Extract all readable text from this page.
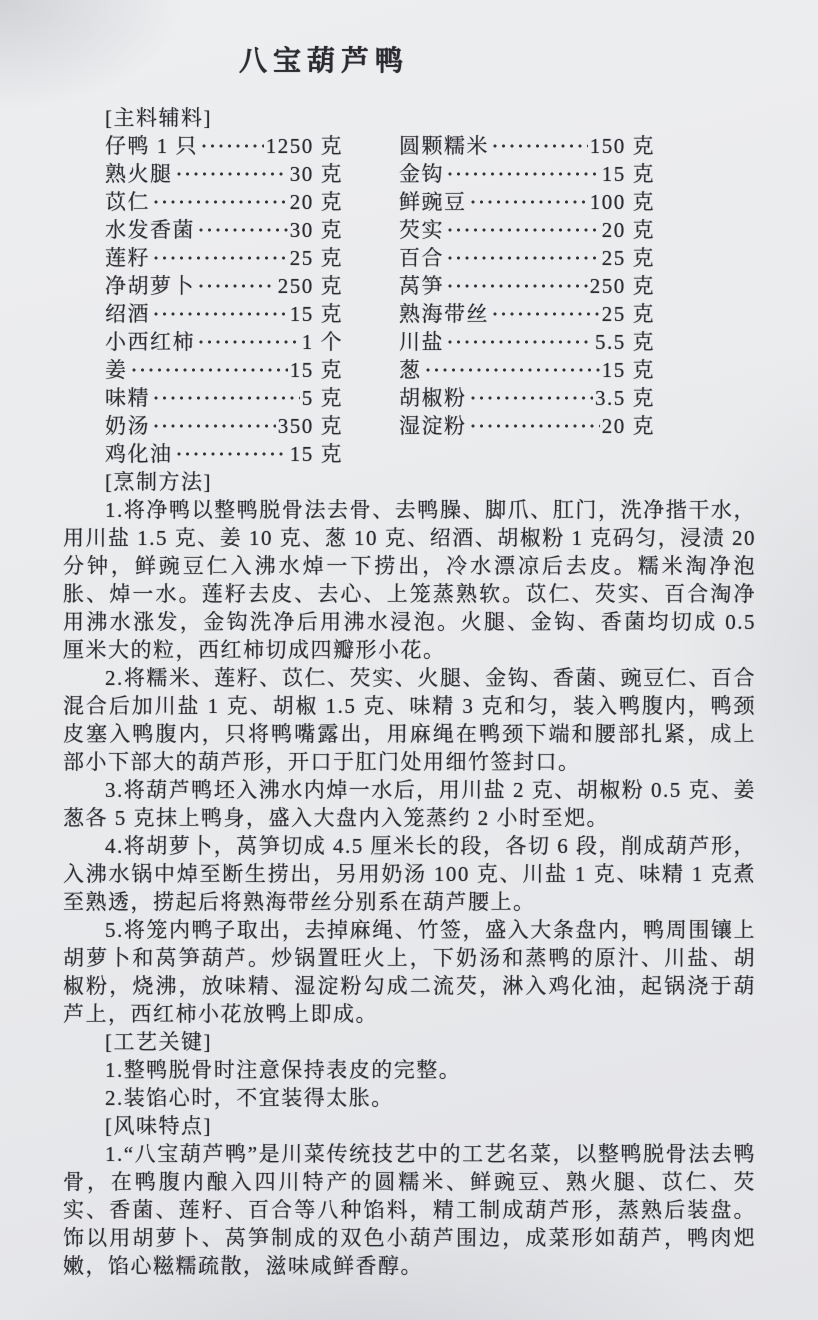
八宝葫芦鸭
[主料辅料]
仔鸭 1 只	1250 克
熟火腿	30 克
苡仁	20 克
水发香菌	30 克
莲籽	25 克
净胡萝卜	250 克
绍酒	15 克
小西红柿	1 个
姜	15 克
味精	5 克
奶汤	350 克
鸡化油	15 克
圆颗糯米	150 克
金钩	15 克
鲜豌豆	100 克
芡实	20 克
百合	25 克
莴笋	250 克
熟海带丝	25 克
川盐	5.5 克
葱	15 克
胡椒粉	3.5 克
湿淀粉	20 克
[烹制方法]

1.将净鸭以整鸭脱骨法去骨、去鸭臊、脚爪、肛门，洗净揩干水，用川盐 1.5 克、姜 10 克、葱 10 克、绍酒、胡椒粉 1 克码匀，浸渍 20 分钟，鲜豌豆仁入沸水焯一下捞出，冷水漂凉后去皮。糯米淘净泡胀、焯一水。莲籽去皮、去心、上笼蒸熟软。苡仁、芡实、百合淘净用沸水涨发，金钩洗净后用沸水浸泡。火腿、金钩、香菌均切成 0.5 厘米大的粒，西红柿切成四瓣形小花。

2.将糯米、莲籽、苡仁、芡实、火腿、金钩、香菌、豌豆仁、百合混合后加川盐 1 克、胡椒 1.5 克、味精 3 克和匀，装入鸭腹内，鸭颈皮塞入鸭腹内，只将鸭嘴露出，用麻绳在鸭颈下端和腰部扎紧，成上部小下部大的葫芦形，开口于肛门处用细竹签封口。

3.将葫芦鸭坯入沸水内焯一水后，用川盐 2 克、胡椒粉 0.5 克、姜葱各 5 克抹上鸭身，盛入大盘内入笼蒸约 2 小时至𤆵。

4.将胡萝卜，莴笋切成 4.5 厘米长的段，各切 6 段，削成葫芦形，入沸水锅中焯至断生捞出，另用奶汤 100 克、川盐 1 克、味精 1 克煮至熟透，捞起后将熟海带丝分别系在葫芦腰上。

5.将笼内鸭子取出，去掉麻绳、竹签，盛入大条盘内，鸭周围镶上胡萝卜和莴笋葫芦。炒锅置旺火上，下奶汤和蒸鸭的原汁、川盐、胡椒粉，烧沸，放味精、湿淀粉勾成二流芡，淋入鸡化油，起锅浇于葫芦上，西红柿小花放鸭上即成。

[工艺关键]

1.整鸭脱骨时注意保持表皮的完整。

2.装馅心时，不宜装得太胀。

[风味特点]

1.“八宝葫芦鸭”是川菜传统技艺中的工艺名菜，以整鸭脱骨法去鸭骨，在鸭腹内酿入四川特产的圆糯米、鲜豌豆、熟火腿、苡仁、芡实、香菌、莲籽、百合等八种馅料，精工制成葫芦形，蒸熟后装盘。饰以用胡萝卜、莴笋制成的双色小葫芦围边，成菜形如葫芦，鸭肉𤆵嫩，馅心糍糯疏散，滋味咸鲜香醇。
